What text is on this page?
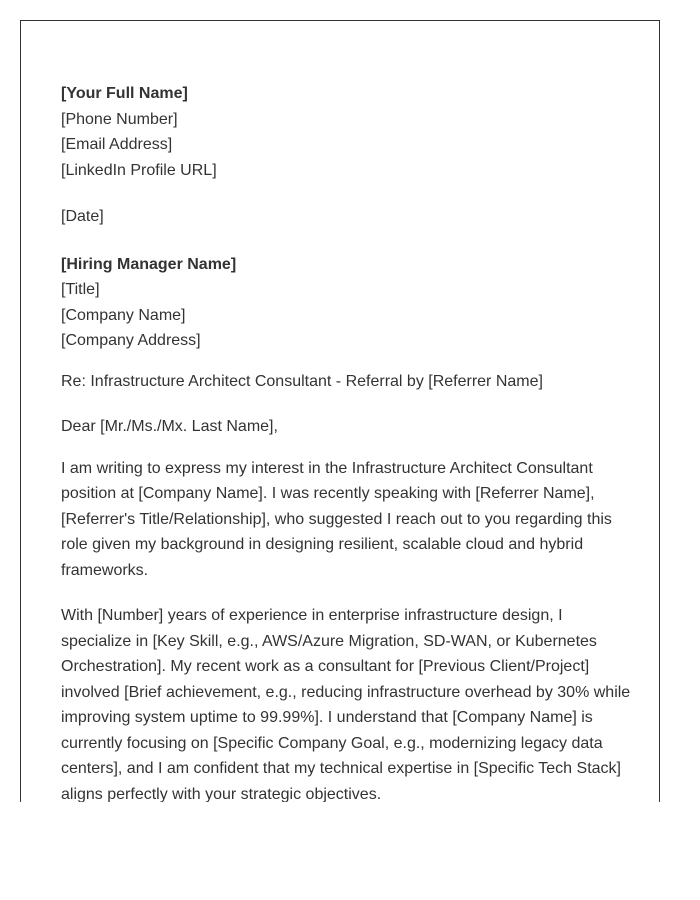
[Your Full Name]
[Phone Number]
[Email Address]
[LinkedIn Profile URL]
[Date]
[Hiring Manager Name]
[Title]
[Company Name]
[Company Address]
Re: Infrastructure Architect Consultant - Referral by [Referrer Name]
Dear [Mr./Ms./Mx. Last Name],

I am writing to express my interest in the Infrastructure Architect Consultant position at [Company Name]. I was recently speaking with [Referrer Name], [Referrer's Title/Relationship], who suggested I reach out to you regarding this role given my background in designing resilient, scalable cloud and hybrid frameworks.

With [Number] years of experience in enterprise infrastructure design, I specialize in [Key Skill, e.g., AWS/Azure Migration, SD-WAN, or Kubernetes Orchestration]. My recent work as a consultant for [Previous Client/Project] involved [Brief achievement, e.g., reducing infrastructure overhead by 30% while improving system uptime to 99.99%]. I understand that [Company Name] is currently focusing on [Specific Company Goal, e.g., modernizing legacy data centers], and I am confident that my technical expertise in [Specific Tech Stack] aligns perfectly with your strategic objectives.
